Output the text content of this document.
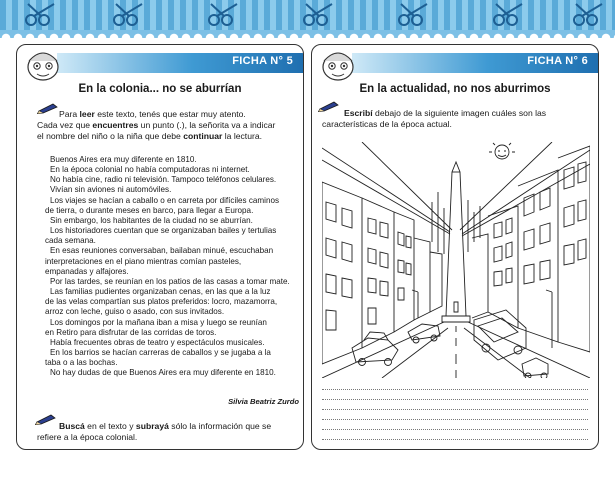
FICHA N° 5
En la colonia... no se aburrían
Para leer este texto, tenés que estar muy atento.
Cada vez que encuentres un punto (.), la señorita va a indicar
el nombre del niño o la niña que debe continuar la lectura.
Buenos Aires era muy diferente en 1810.
En la época colonial no había computadoras ni internet.
No había cine, radio ni televisión. Tampoco teléfonos celulares.
Vivían sin aviones ni automóviles.
Los viajes se hacían a caballo o en carreta por difíciles caminos
de tierra, o durante meses en barco, para llegar a Europa.
Sin embargo, los habitantes de la ciudad no se aburrían.
Los historiadores cuentan que se organizaban bailes y tertulias
cada semana.
En esas reuniones conversaban, bailaban minué, escuchaban
interpretaciones en el piano mientras comían pasteles,
empanadas y alfajores.
Por las tardes, se reunían en los patios de las casas a tomar mate.
Las familias pudientes organizaban cenas, en las que a la luz
de las velas compartían sus platos preferidos: locro, mazamorra,
arroz con leche, guiso o asado, con sus invitados.
Los domingos por la mañana iban a misa y luego se reunían
en Retiro para disfrutar de las corridas de toros.
Había frecuentes obras de teatro y espectáculos musicales.
En los barrios se hacían carreras de caballos y se jugaba a la
taba o a las bochas.
No hay dudas de que Buenos Aires era muy diferente en 1810.
Silvia Beatriz Zurdo
Buscá en el texto y subrayá sólo la información que se
refiere a la época colonial.
FICHA N° 6
En la actualidad, no nos aburrimos
Escribí debajo de la siguiente imagen cuáles son las
características de la época actual.
